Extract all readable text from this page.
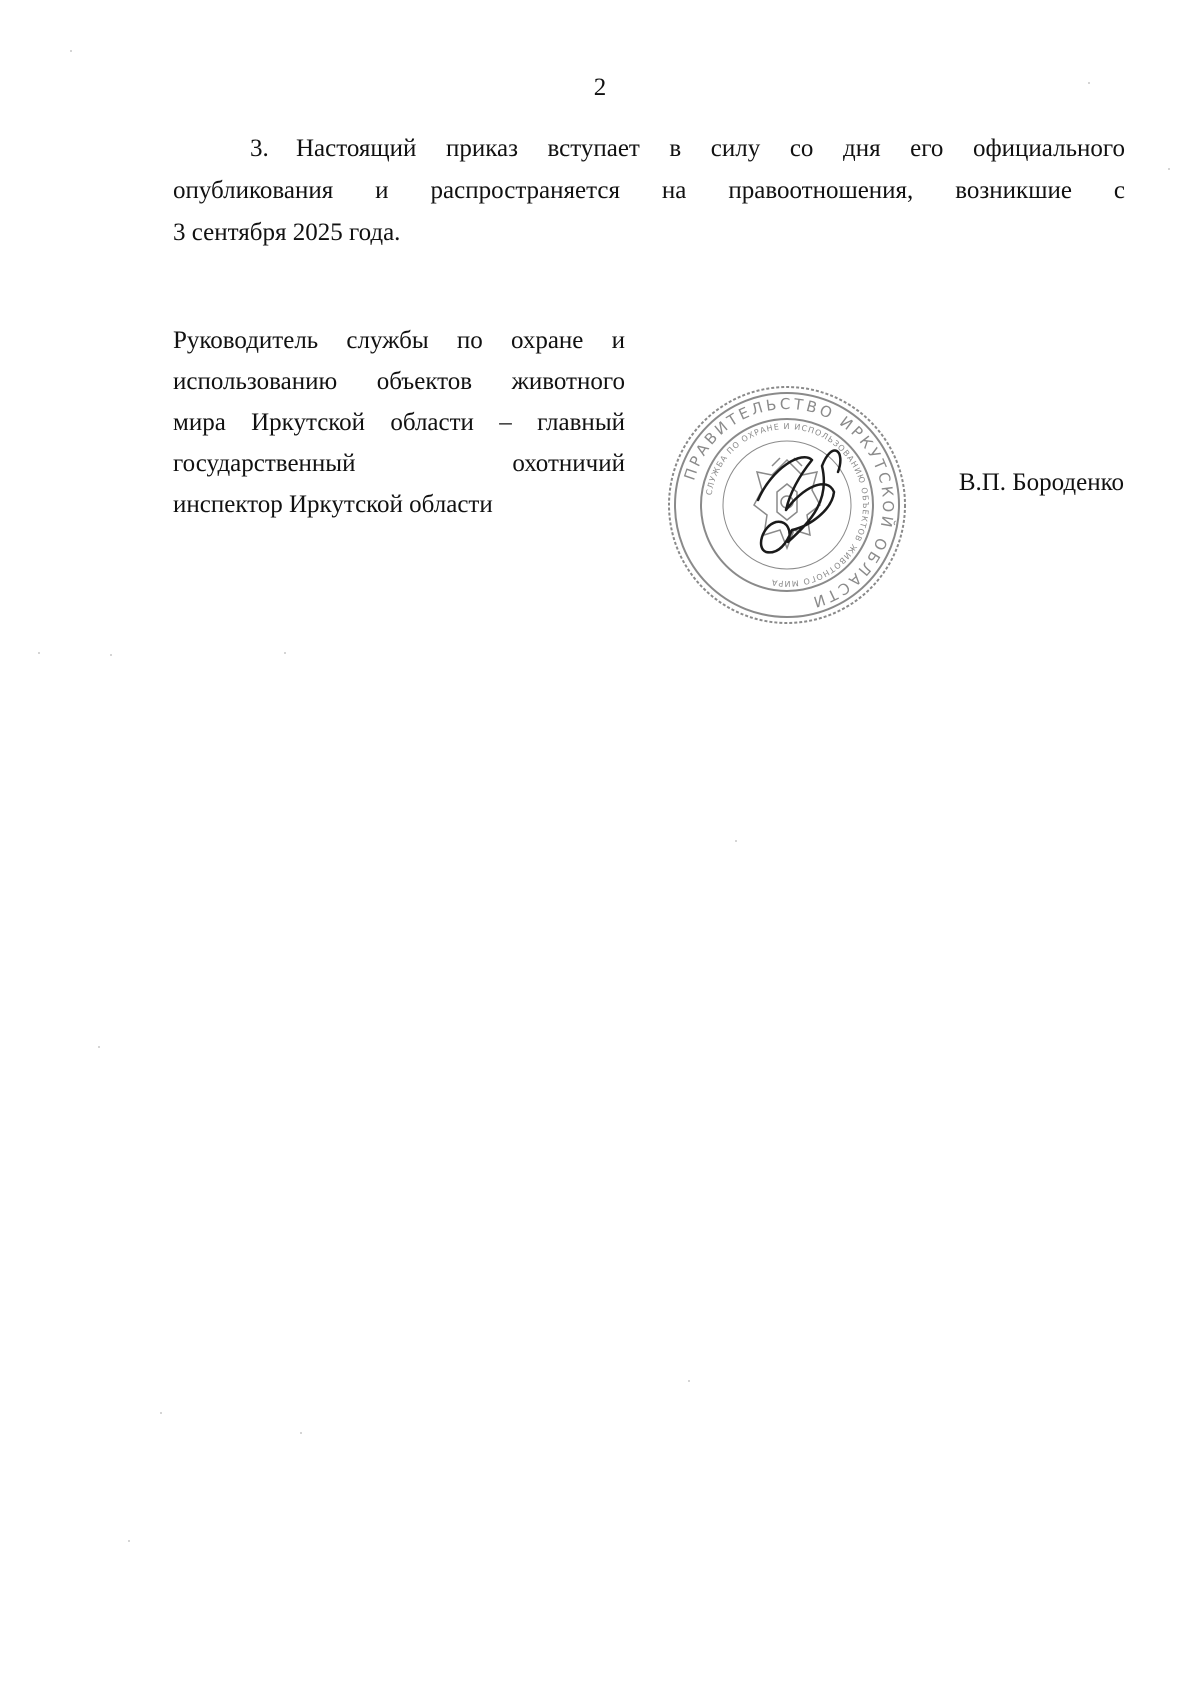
2
3. Настоящий приказ вступает в силу со дня его официального
опубликования и распространяется на правоотношения, возникшие с
3 сентября 2025 года.
Руководитель службы по охране и
использованию объектов животного
мира Иркутской области – главный
государственный охотничий
инспектор Иркутской области
ПРАВИТЕЛЬСТВО ИРКУТСКОЙ ОБЛАСТИ
СЛУЖБА ПО ОХРАНЕ И ИСПОЛЬЗОВАНИЮ ОБЪЕКТОВ ЖИВОТНОГО МИРА
В.П. Бороденко
